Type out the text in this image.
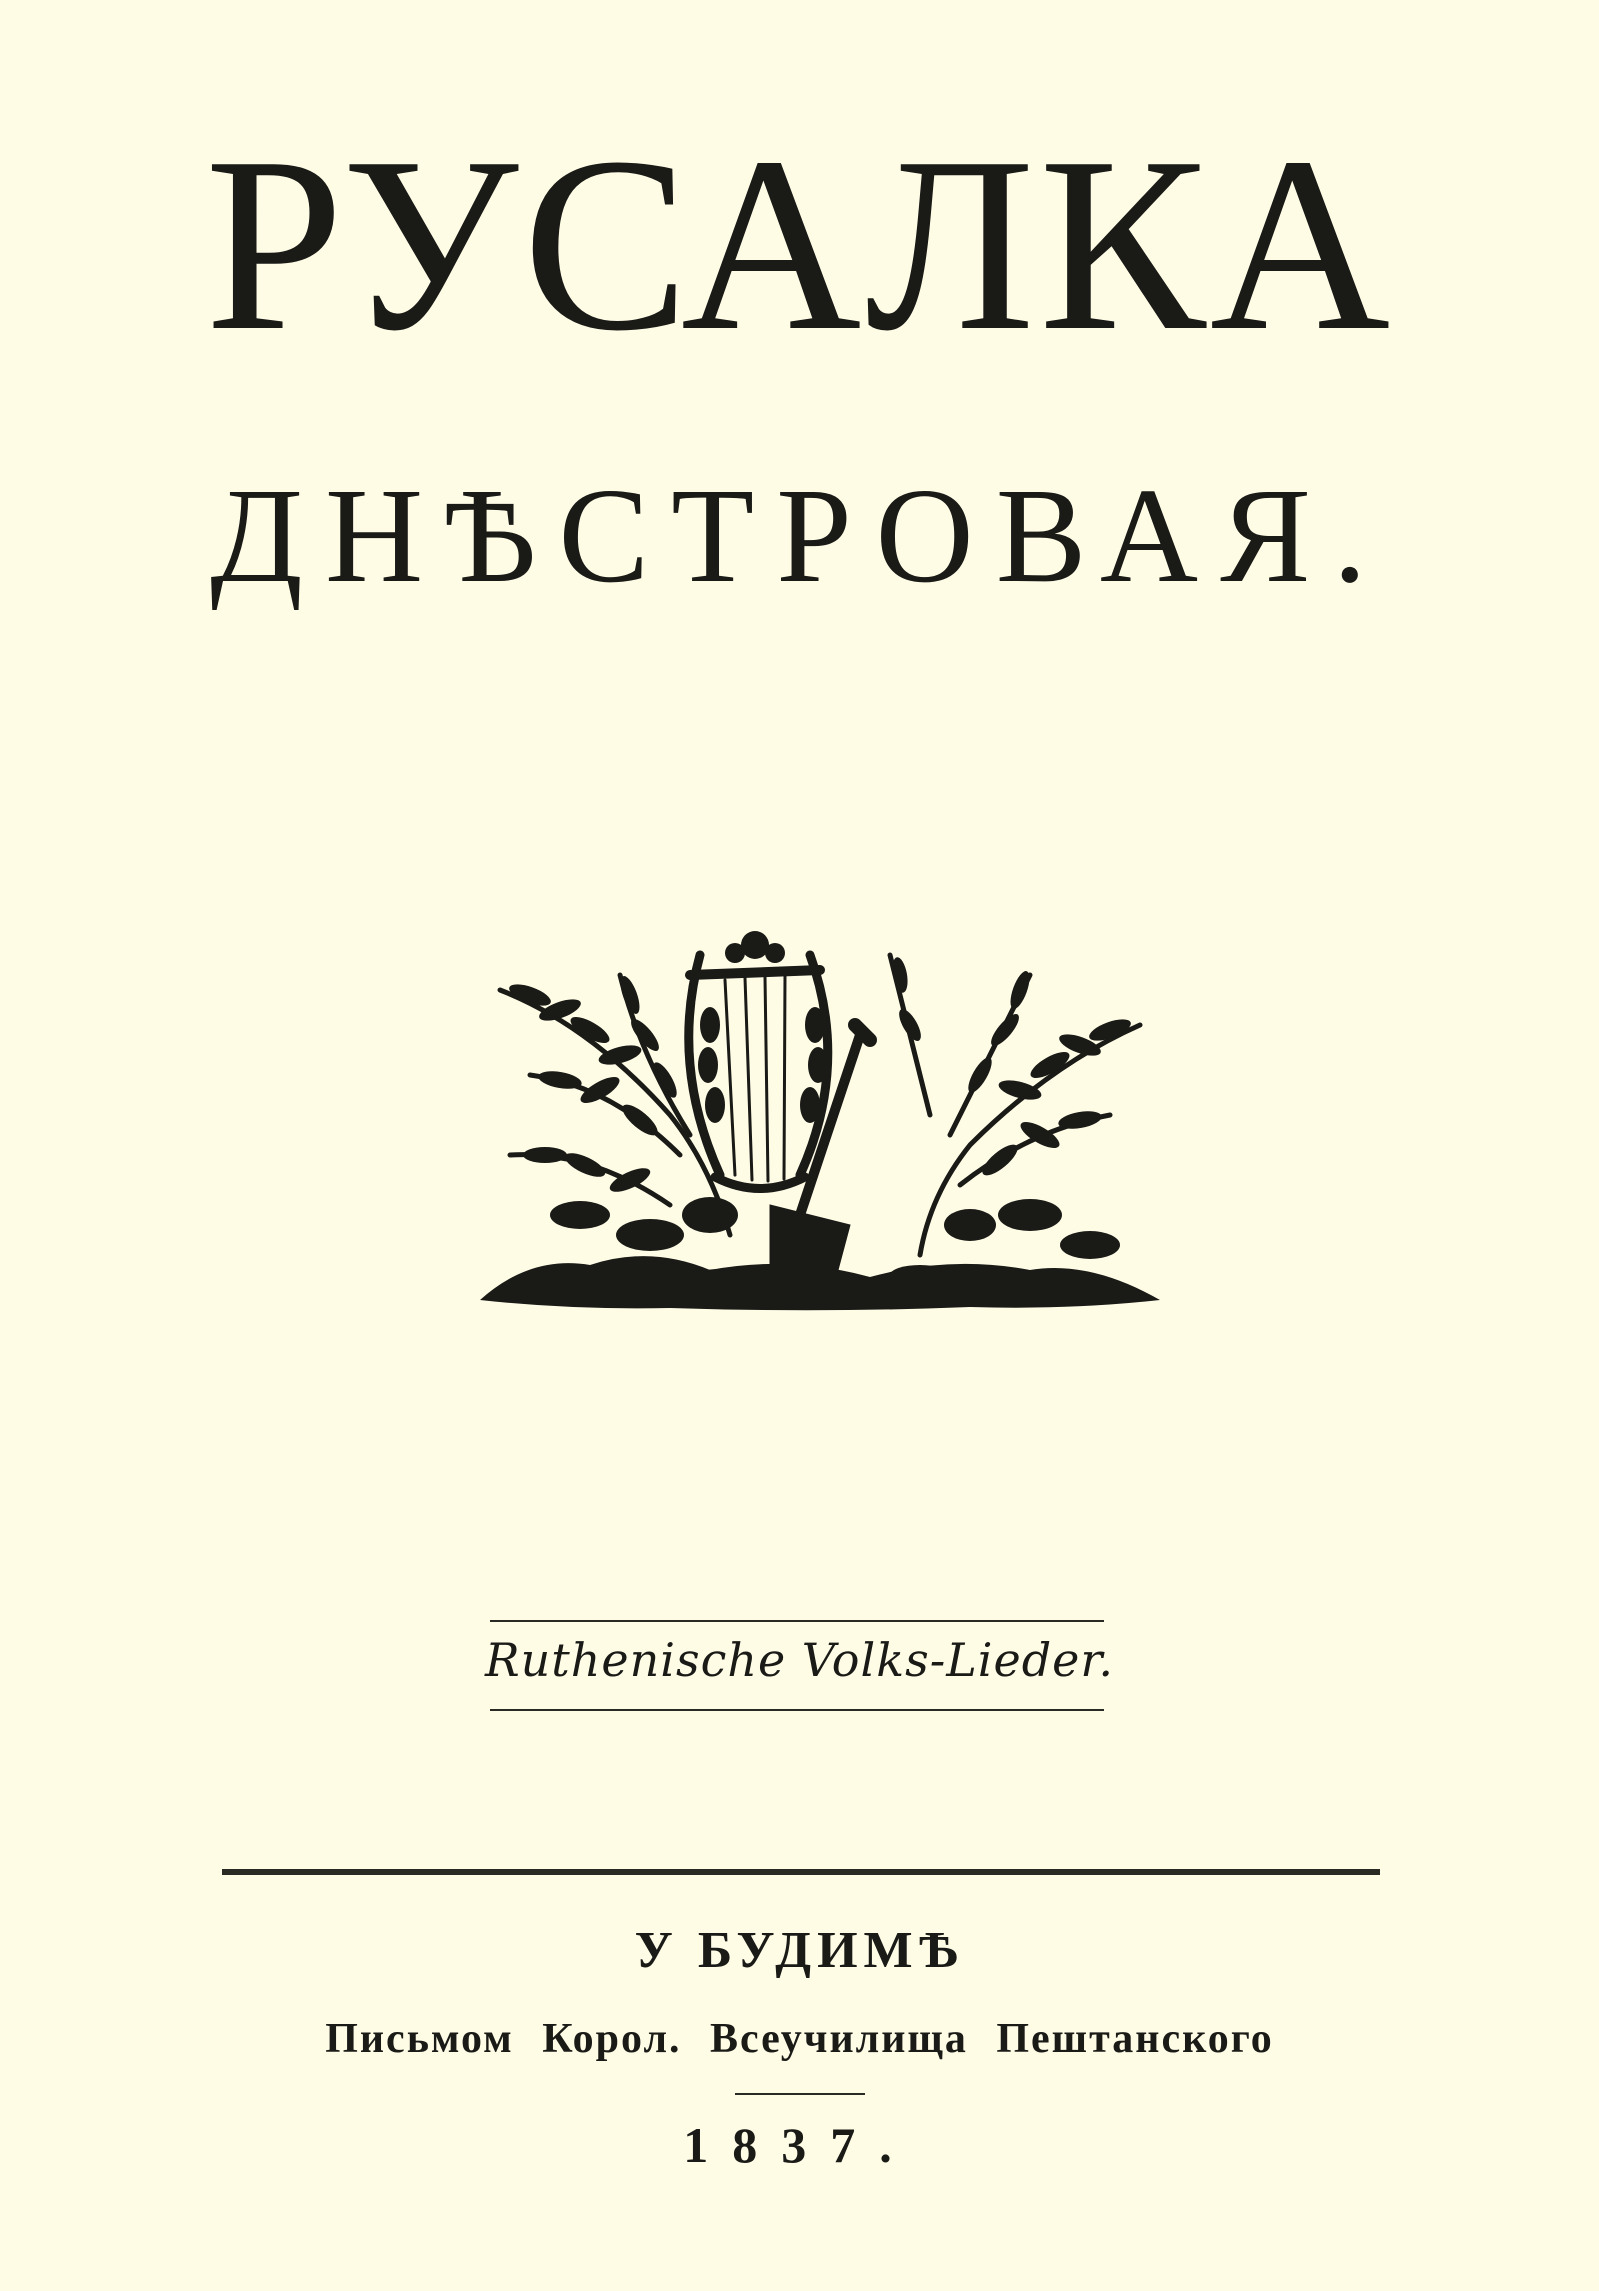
РУСАЛКА
ДНѢСТРОВАЯ.
Ruthenische Volks-Lieder.
У БУДИМѢ
Письмом Корол. Всеучилища Пештанского
1837.
